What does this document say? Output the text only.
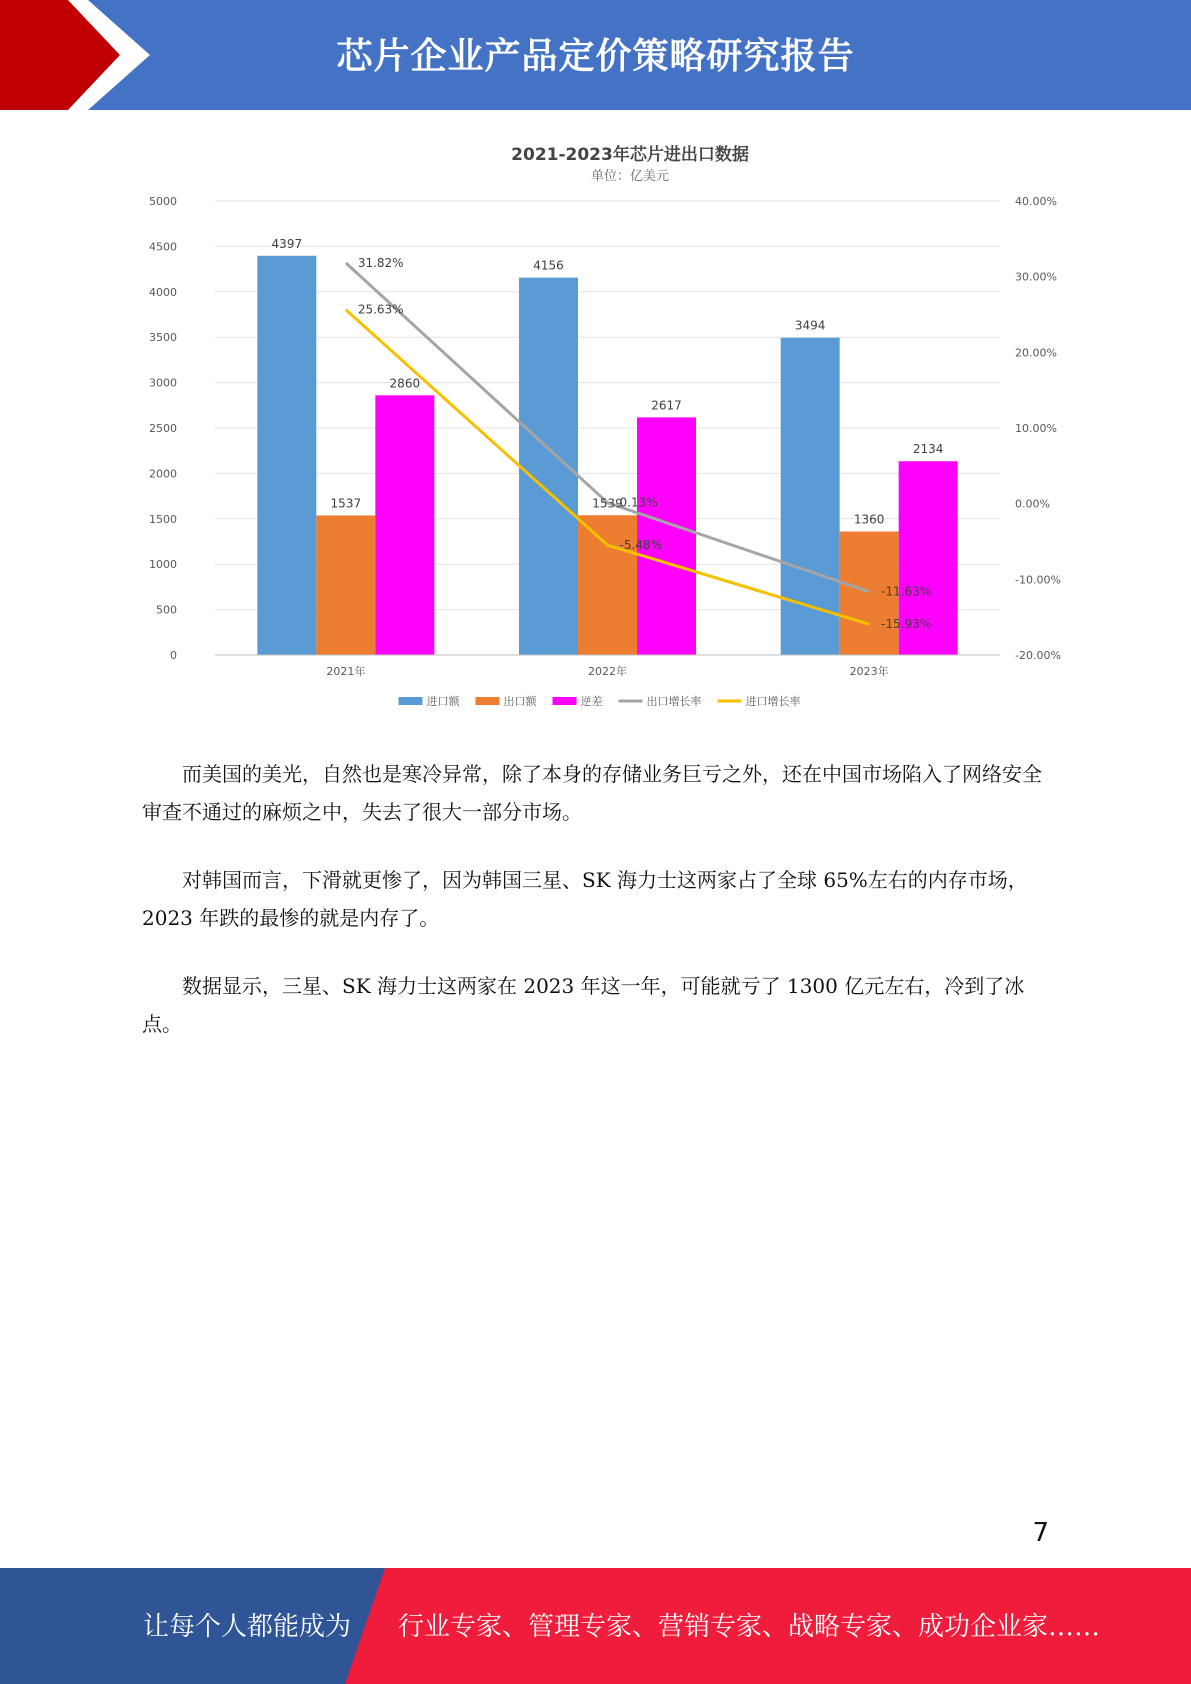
芯片企业产品定价策略研究报告
2021-2023年芯片进出口数据
单位：亿美元
4397
1537
2860
4156
1539
2617
3494
1360
2134
31.82%
0.13%
-11.63%
25.63%
-5.48%
-15.93%
5000
4500
4000
3500
3000
2500
2000
1500
1000
500
0
40.00%
30.00%
20.00%
10.00%
0.00%
-10.00%
-20.00%
2021年	2022年	2023年
进口额	出口额	逆差	出口增长率	进口增长率

而美国的美光，自然也是寒冷异常，除了本身的存储业务巨亏之外，还在中国市场陷入了网络安全审查不通过的麻烦之中，失去了很大一部分市场。

对韩国而言，下滑就更惨了，因为韩国三星、SK 海力士这两家占了全球 65%左右的内存市场，2023 年跌的最惨的就是内存了。

数据显示，三星、SK 海力士这两家在 2023 年这一年，可能就亏了 1300 亿元左右，冷到了冰点。

7
让每个人都能成为 行业专家、管理专家、营销专家、战略专家、成功企业家……
